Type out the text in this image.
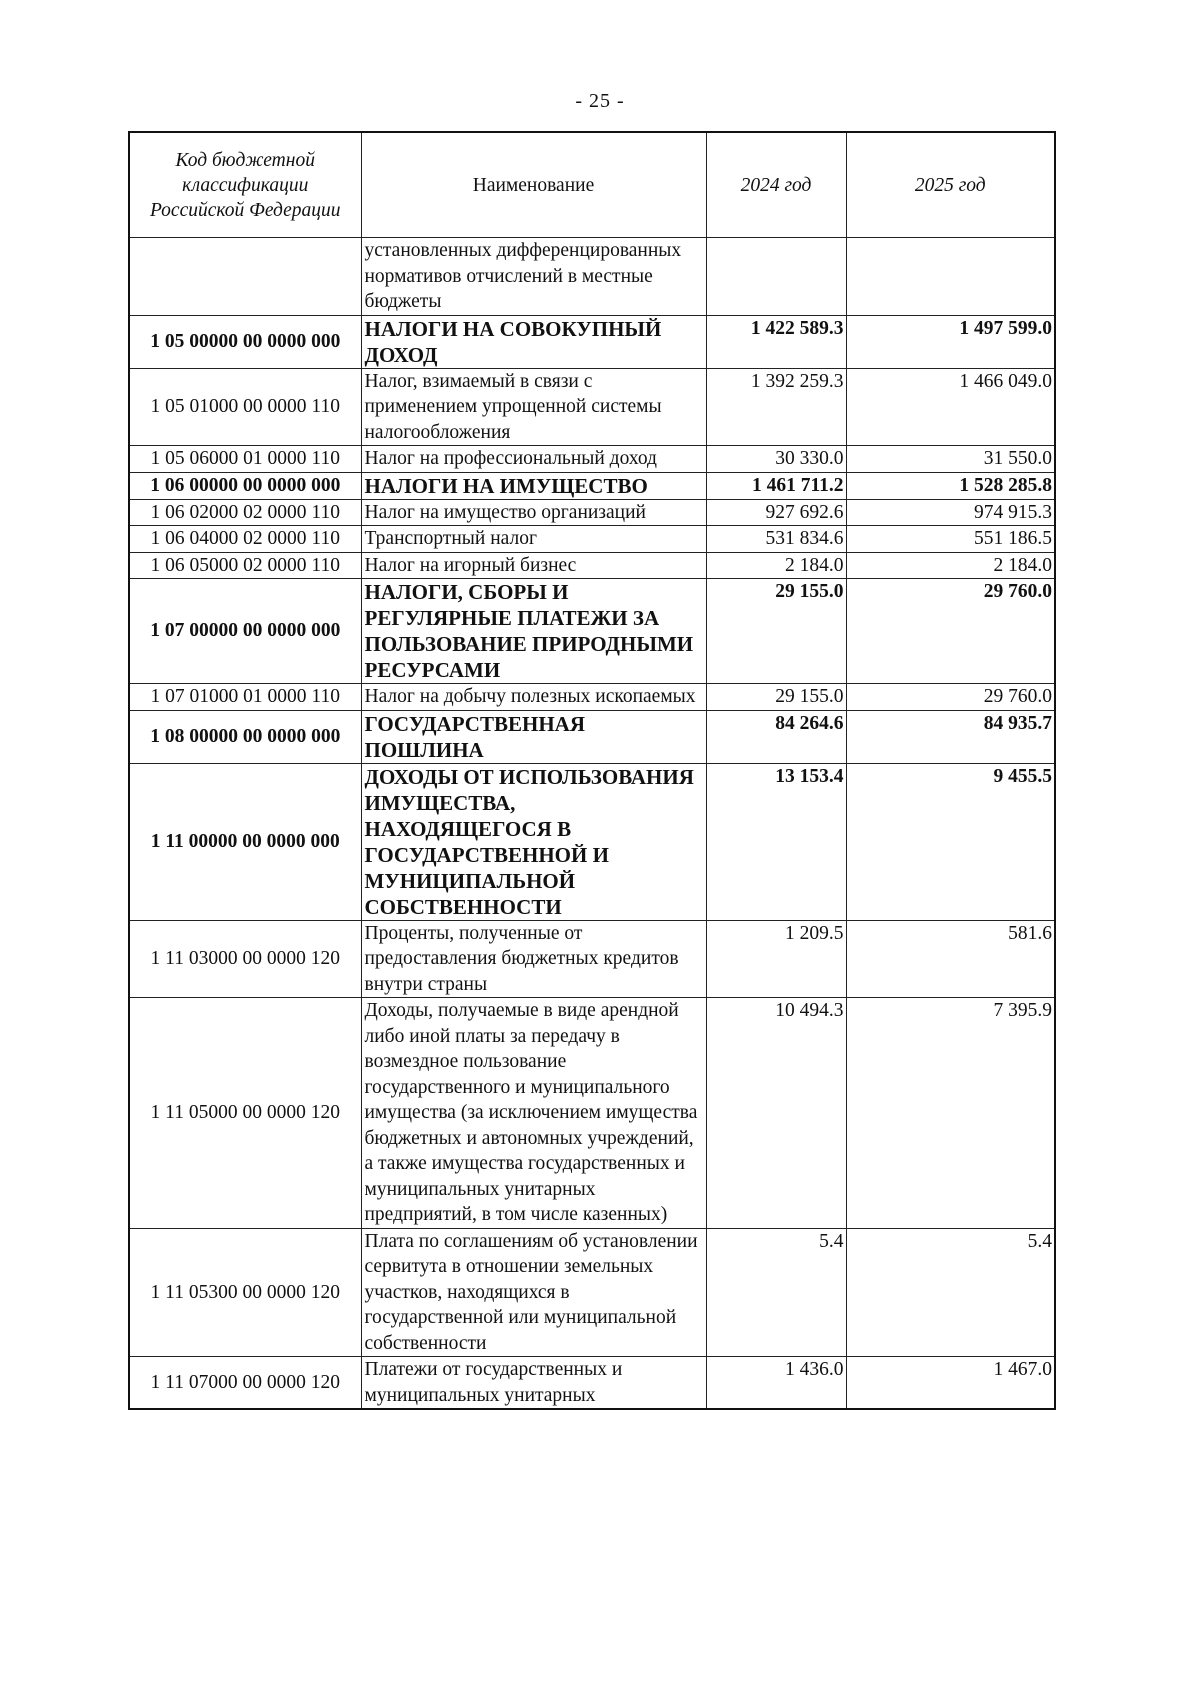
- 25 -
Код бюджетной классификации Российской Федерации	Наименование	2024 год	2025 год
	установленных дифференцированных нормативов отчислений в местные бюджеты		
1 05 00000 00 0000 000	НАЛОГИ НА СОВОКУПНЫЙ ДОХОД	1 422 589.3	1 497 599.0
1 05 01000 00 0000 110	Налог, взимаемый в связи с применением упрощенной системы налогообложения	1 392 259.3	1 466 049.0
1 05 06000 01 0000 110	Налог на профессиональный доход	30 330.0	31 550.0
1 06 00000 00 0000 000	НАЛОГИ НА ИМУЩЕСТВО	1 461 711.2	1 528 285.8
1 06 02000 02 0000 110	Налог на имущество организаций	927 692.6	974 915.3
1 06 04000 02 0000 110	Транспортный налог	531 834.6	551 186.5
1 06 05000 02 0000 110	Налог на игорный бизнес	2 184.0	2 184.0
1 07 00000 00 0000 000	НАЛОГИ, СБОРЫ И РЕГУЛЯРНЫЕ ПЛАТЕЖИ ЗА ПОЛЬЗОВАНИЕ ПРИРОДНЫМИ РЕСУРСАМИ	29 155.0	29 760.0
1 07 01000 01 0000 110	Налог на добычу полезных ископаемых	29 155.0	29 760.0
1 08 00000 00 0000 000	ГОСУДАРСТВЕННАЯ ПОШЛИНА	84 264.6	84 935.7
1 11 00000 00 0000 000	ДОХОДЫ ОТ ИСПОЛЬЗОВАНИЯ ИМУЩЕСТВА, НАХОДЯЩЕГОСЯ В ГОСУДАРСТВЕННОЙ И МУНИЦИПАЛЬНОЙ СОБСТВЕННОСТИ	13 153.4	9 455.5
1 11 03000 00 0000 120	Проценты, полученные от предоставления бюджетных кредитов внутри страны	1 209.5	581.6
1 11 05000 00 0000 120	Доходы, получаемые в виде арендной либо иной платы за передачу в возмездное пользование государственного и муниципального имущества (за исключением имущества бюджетных и автономных учреждений, а также имущества государственных и муниципальных унитарных предприятий, в том числе казенных)	10 494.3	7 395.9
1 11 05300 00 0000 120	Плата по соглашениям об установлении сервитута в отношении земельных участков, находящихся в государственной или муниципальной собственности	5.4	5.4
1 11 07000 00 0000 120	Платежи от государственных и муниципальных унитарных	1 436.0	1 467.0
